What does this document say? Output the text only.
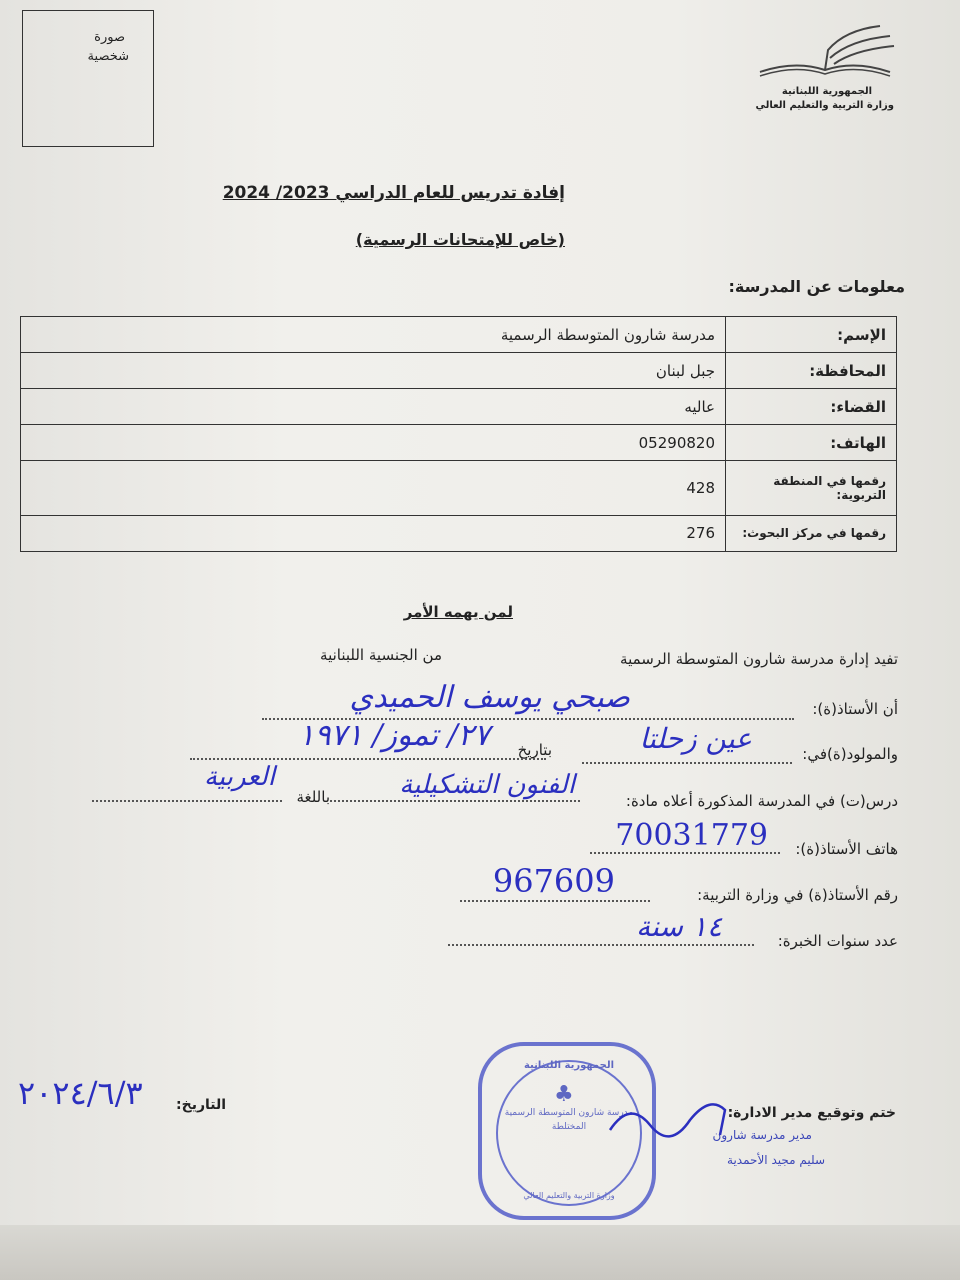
صورة
شخصية
الجمهورية اللبنانية
وزارة التربية والتعليم العالي
إفادة تدريس للعام الدراسي 2023/ 2024
(خاص للإمتحانات الرسمية)
معلومات عن المدرسة:
الإسم:	مدرسة شارون المتوسطة الرسمية
المحافظة:	جبل لبنان
القضاء:	عاليه
الهاتف:	05290820
رقمها في المنطقة التربوية:	428
رقمها في مركز البحوث:	276
لمن يهمه الأمر
تفيد إدارة مدرسة شارون المتوسطة الرسمية
من الجنسية اللبنانية
أن الأستاذ(ة):
صبحي يوسف الحميدي
والمولود(ة)في:
عين زحلتا
بتاريخ
٢٧/ تموز/ ١٩٧١
درس(ت) في المدرسة المذكورة أعلاه مادة:
الفنون التشكيلية
باللغة
العربية
هاتف الأستاذ(ة):
70031779
رقم الأستاذ(ة) في وزارة التربية:
967609
عدد سنوات الخبرة:
١٤ سنة
الجمهورية اللبنانية
♣
مدرسة شارون المتوسطة الرسمية المختلطة
وزارة التربية والتعليم العالي
ختم وتوقيع مدير الادارة:
مدير مدرسة شارون
سليم مجيد الأحمدية
التاريخ:
٢٠٢٤/٦/٣
